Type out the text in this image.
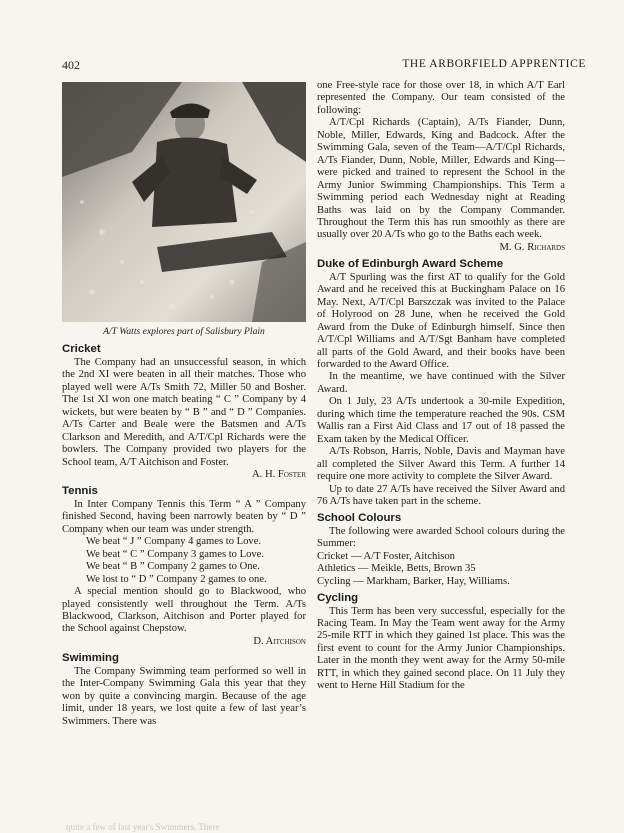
402	THE ARBORFIELD APPRENTICE
A/T Watts explores part of Salisbury Plain
Cricket

The Company had an unsuccessful season, in which the 2nd XI were beaten in all their matches. Those who played well were A/Ts Smith 72, Miller 50 and Bosher. The 1st XI won one match beating “ C ” Company by 4 wickets, but were beaten by “ B ” and “ D ” Companies. A/Ts Carter and Beale were the Batsmen and A/Ts Clarkson and Meredith, and A/T/Cpl Richards were the bowlers. The Company provided two players for the School team, A/T Aitchison and Foster.

A. H. Foster
Tennis

In Inter Company Tennis this Term “ A ” Company finished Second, having been narrowly beaten by “ D ” Company when our team was under strength.

We beat “ J ” Company 4 games to Love.

We beat “ C ” Company 3 games to Love.

We beat “ B ” Company 2 games to One.

We lost to “ D ” Company 2 games to one.

A special mention should go to Blackwood, who played consistently well throughout the Term. A/Ts Blackwood, Clarkson, Aitchison and Porter played for the School against Chepstow.

D. Aitchison
Swimming

The Company Swimming team performed so well in the Inter-Company Swimming Gala this year that they won by quite a convincing margin. Because of the age limit, under 18 years, we lost quite a few of last year’s Swimmers. There was

one Free-style race for those over 18, in which A/T Earl represented the Company. Our team consisted of the following:

A/T/Cpl Richards (Captain), A/Ts Fiander, Dunn, Noble, Miller, Edwards, King and Badcock. After the Swimming Gala, seven of the Team—A/T/Cpl Richards, A/Ts Fiander, Dunn, Noble, Miller, Edwards and King—were picked and trained to represent the School in the Army Junior Swimming Championships. This Term a Swimming period each Wednesday night at Reading Baths was laid on by the Company Commander. Throughout the Term this has run smoothly as there are usually over 20 A/Ts who go to the Baths each week.

M. G. Richards
Duke of Edinburgh Award Scheme

A/T Spurling was the first AT to qualify for the Gold Award and he received this at Buckingham Palace on 16 May. Next, A/T/Cpl Barszczak was invited to the Palace of Holyrood on 28 June, when he received the Gold Award from the Duke of Edinburgh himself. Since then A/T/Cpl Williams and A/T/Sgt Banham have completed all parts of the Gold Award, and their books have been forwarded to the Award Office.

In the meantime, we have continued with the Silver Award.

On 1 July, 23 A/Ts undertook a 30-mile Expedition, during which time the temperature reached the 90s. CSM Wallis ran a First Aid Class and 17 out of 18 passed the Exam taken by the Medical Officer.

A/Ts Robson, Harris, Noble, Davis and Mayman have all completed the Silver Award this Term. A further 14 require one more activity to complete the Silver Award.

Up to date 27 A/Ts have received the Silver Award and 76 A/Ts have taken part in the scheme.

School Colours

The following were awarded School colours during the Summer:

Cricket — A/T Foster, Aitchison

Athletics — Meikle, Betts, Brown 35

Cycling — Markham, Barker, Hay, Williams.

Cycling

This Term has been very successful, especially for the Racing Team. In May the Team went away for the Army 25-mile RTT in which they gained 1st place. This was the first event to count for the Army Junior Championships. Later in the month they went away for the Army 50-mile RTT, in which they gained second place. On 11 July they went to Herne Hill Stadium for the

quite a few of last year's Swimmers. There
